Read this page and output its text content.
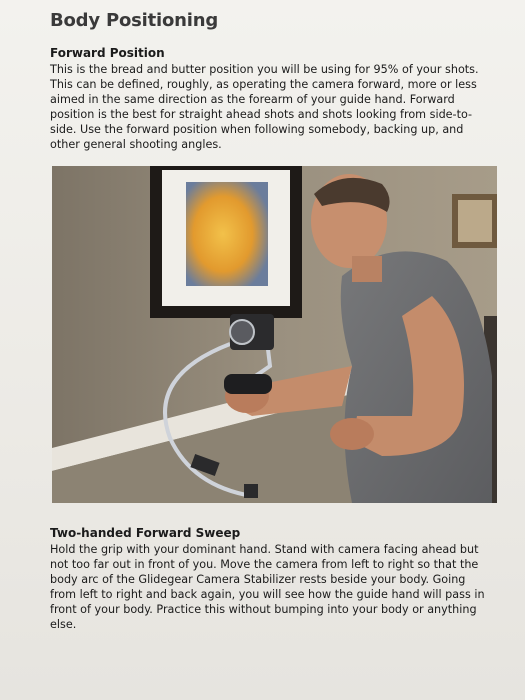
Body Positioning

Forward Position

This is the bread and butter position you will be using for 95% of your shots. This can be defined, roughly, as operating the camera forward, more or less aimed in the same direction as the forearm of your guide hand. Forward position is the best for straight ahead shots and shots looking from side-to-side. Use the forward position when following somebody, backing up, and other general shooting angles.

Two-handed Forward Sweep

Hold the grip with your dominant hand. Stand with camera facing ahead but not too far out in front of you. Move the camera from left to right so that the body arc of the Glidegear Camera Stabilizer rests beside your body. Going from left to right and back again, you will see how the guide hand will pass in front of your body. Practice this without bumping into your body or anything else.
